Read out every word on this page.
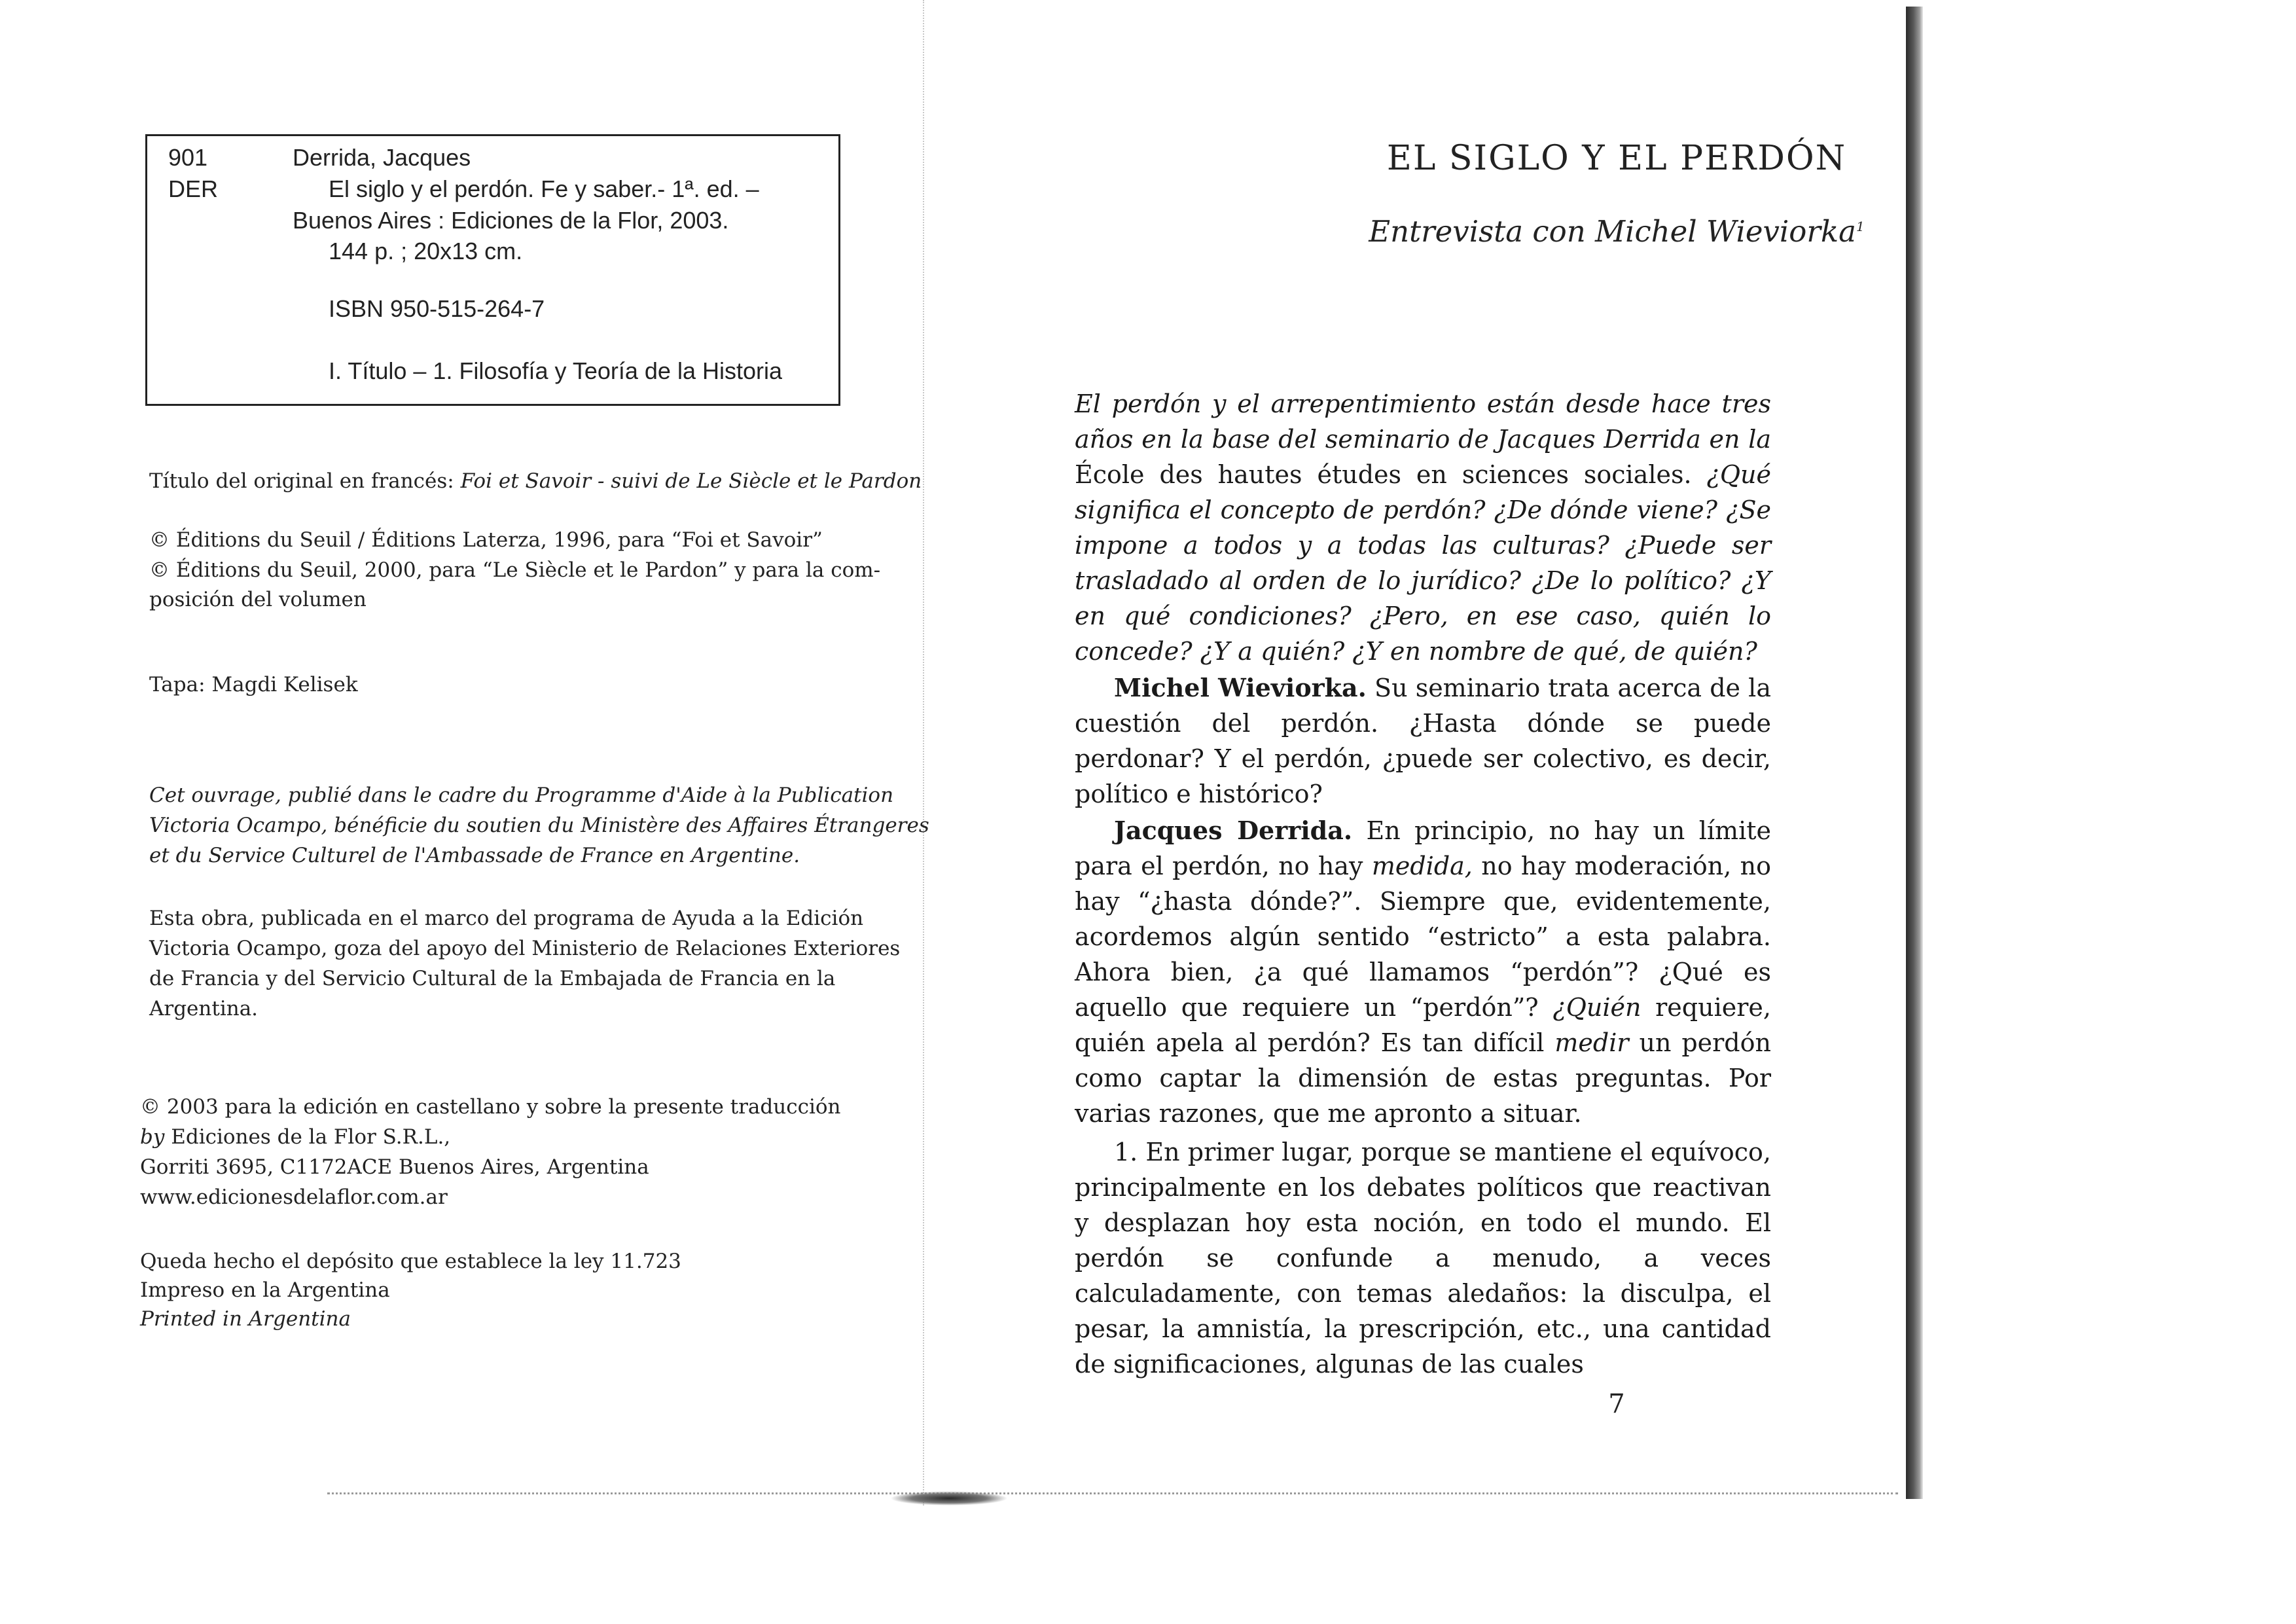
901
DER
Derrida, Jacques
El siglo y el perdón. Fe y saber.- 1ª. ed. –
Buenos Aires : Ediciones de la Flor, 2003.
144 p. ; 20x13 cm.
ISBN 950-515-264-7
I. Título – 1. Filosofía y Teoría de la Historia
Título del original en francés: Foi et Savoir - suivi de Le Siècle et le Pardon
© Éditions du Seuil / Éditions Laterza, 1996, para “Foi et Savoir”
© Éditions du Seuil, 2000, para “Le Siècle et le Pardon” y para la com-
posición del volumen
Tapa: Magdi Kelisek
Cet ouvrage, publié dans le cadre du Programme d'Aide à la Publication
Victoria Ocampo, bénéficie du soutien du Ministère des Affaires Étrangeres
et du Service Culturel de l'Ambassade de France en Argentine.
Esta obra, publicada en el marco del programa de Ayuda a la Edición
Victoria Ocampo, goza del apoyo del Ministerio de Relaciones Exteriores
de Francia y del Servicio Cultural de la Embajada de Francia en la
Argentina.
© 2003 para la edición en castellano y sobre la presente traducción
by Ediciones de la Flor S.R.L.,
Gorriti 3695, C1172ACE Buenos Aires, Argentina
www.edicionesdelaflor.com.ar
Queda hecho el depósito que establece la ley 11.723
Impreso en la Argentina
Printed in Argentina
EL SIGLO Y EL PERDÓN
Entrevista con Michel Wieviorka$^1$
El perdón y el arrepentimiento están desde hace tres años en la base del seminario de Jacques Derrida en la École des hautes études en sciences sociales. ¿Qué significa el concepto de perdón? ¿De dónde viene? ¿Se impone a todos y a todas las culturas? ¿Puede ser trasladado al orden de lo jurídico? ¿De lo político? ¿Y en qué condiciones? ¿Pero, en ese caso, quién lo concede? ¿Y a quién? ¿Y en nombre de qué, de quién?
Michel Wieviorka. Su seminario trata acerca de la cuestión del perdón. ¿Hasta dónde se puede perdonar? Y el perdón, ¿puede ser colectivo, es decir, político e histórico?
Jacques Derrida. En principio, no hay un límite para el perdón, no hay medida, no hay moderación, no hay “¿hasta dónde?”. Siempre que, evidentemente, acordemos algún sentido “estricto” a esta palabra. Ahora bien, ¿a qué llamamos “perdón”? ¿Qué es aquello que requiere un “perdón”? ¿Quién requiere, quién apela al perdón? Es tan difícil medir un perdón como captar la dimensión de estas preguntas. Por varias razones, que me apronto a situar.
1. En primer lugar, porque se mantiene el equívoco, principalmente en los debates políticos que reactivan y desplazan hoy esta noción, en todo el mundo. El perdón se confunde a menudo, a veces calculadamente, con temas aledaños: la disculpa, el pesar, la amnistía, la prescripción, etc., una cantidad de significaciones, algunas de las cuales
7
